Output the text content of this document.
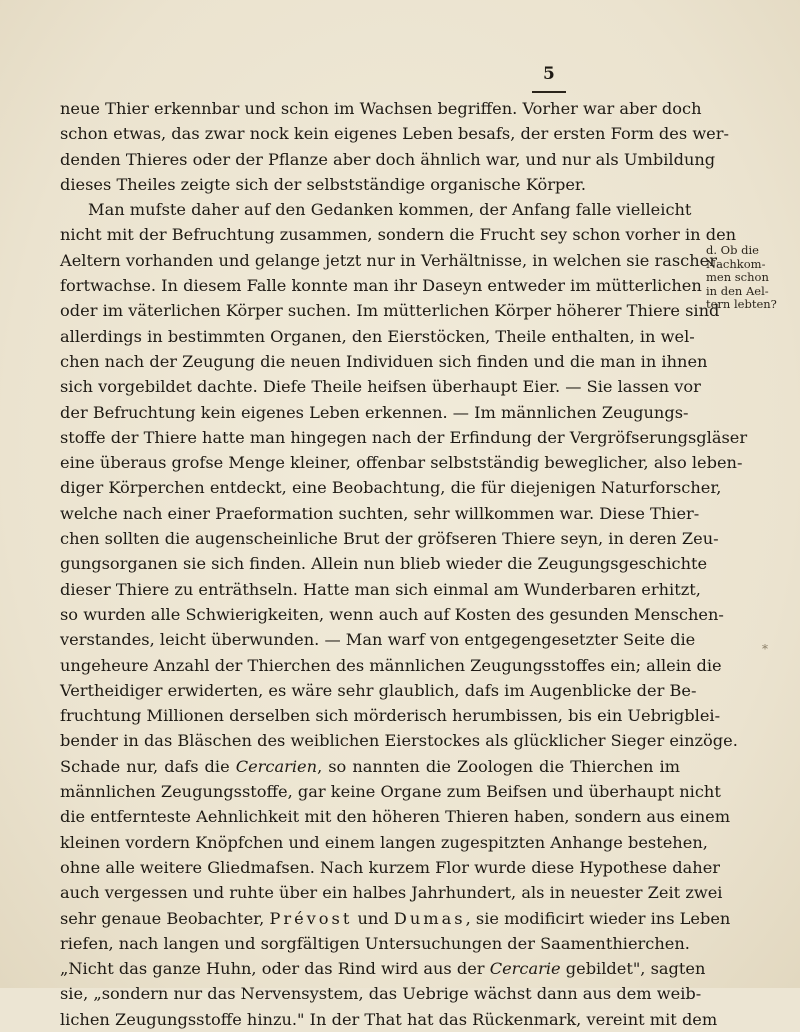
5
neue Thier erkennbar und schon im Wachsen begriffen. Vorher war aber doch
schon etwas, das zwar nock kein eigenes Leben besafs, der ersten Form des wer-
denden Thieres oder der Pflanze aber doch ähnlich war, und nur als Umbildung
dieses Theiles zeigte sich der selbstständige organische Körper.
Man mufste daher auf den Gedanken kommen, der Anfang falle vielleicht
nicht mit der Befruchtung zusammen, sondern die Frucht sey schon vorher in den
Aeltern vorhanden und gelange jetzt nur in Verhältnisse, in welchen sie rascher
fortwachse. In diesem Falle konnte man ihr Daseyn entweder im mütterlichen
oder im väterlichen Körper suchen. Im mütterlichen Körper höherer Thiere sind
allerdings in bestimmten Organen, den Eierstöcken, Theile enthalten, in wel-
chen nach der Zeugung die neuen Individuen sich finden und die man in ihnen
sich vorgebildet dachte. Diefe Theile heifsen überhaupt Eier. — Sie lassen vor
der Befruchtung kein eigenes Leben erkennen. — Im männlichen Zeugungs-
stoffe der Thiere hatte man hingegen nach der Erfindung der Vergröfserungsgläser
eine überaus grofse Menge kleiner, offenbar selbstständig beweglicher, also leben-
diger Körperchen entdeckt, eine Beobachtung, die für diejenigen Naturforscher,
welche nach einer Praeformation suchten, sehr willkommen war. Diese Thier-
chen sollten die augenscheinliche Brut der gröfseren Thiere seyn, in deren Zeu-
gungsorganen sie sich finden. Allein nun blieb wieder die Zeugungsgeschichte
dieser Thiere zu enträthseln. Hatte man sich einmal am Wunderbaren erhitzt,
so wurden alle Schwierigkeiten, wenn auch auf Kosten des gesunden Menschen-
verstandes, leicht überwunden. — Man warf von entgegengesetzter Seite die
ungeheure Anzahl der Thierchen des männlichen Zeugungsstoffes ein; allein die
Vertheidiger erwiderten, es wäre sehr glaublich, dafs im Augenblicke der Be-
fruchtung Millionen derselben sich mörderisch herumbissen, bis ein Uebrigblei-
bender in das Bläschen des weiblichen Eierstockes als glücklicher Sieger einzöge.
Schade nur, dafs die Cercarien, so nannten die Zoologen die Thierchen im
männlichen Zeugungsstoffe, gar keine Organe zum Beifsen und überhaupt nicht
die entfernteste Aehnlichkeit mit den höheren Thieren haben, sondern aus einem
kleinen vordern Knöpfchen und einem langen zugespitzten Anhange bestehen,
ohne alle weitere Gliedmafsen. Nach kurzem Flor wurde diese Hypothese daher
auch vergessen und ruhte über ein halbes Jahrhundert, als in neuester Zeit zwei
sehr genaue Beobachter, Prévost und Dumas, sie modificirt wieder ins Leben
riefen, nach langen und sorgfältigen Untersuchungen der Saamenthierchen.
„Nicht das ganze Huhn, oder das Rind wird aus der Cercarie gebildet", sagten
sie, „sondern nur das Nervensystem, das Uebrige wächst dann aus dem weib-
lichen Zeugungsstoffe hinzu." In der That hat das Rückenmark, vereint mit dem
d. Ob die
Nachkom-
men schon
in den Ael-
tern lebten?
*
